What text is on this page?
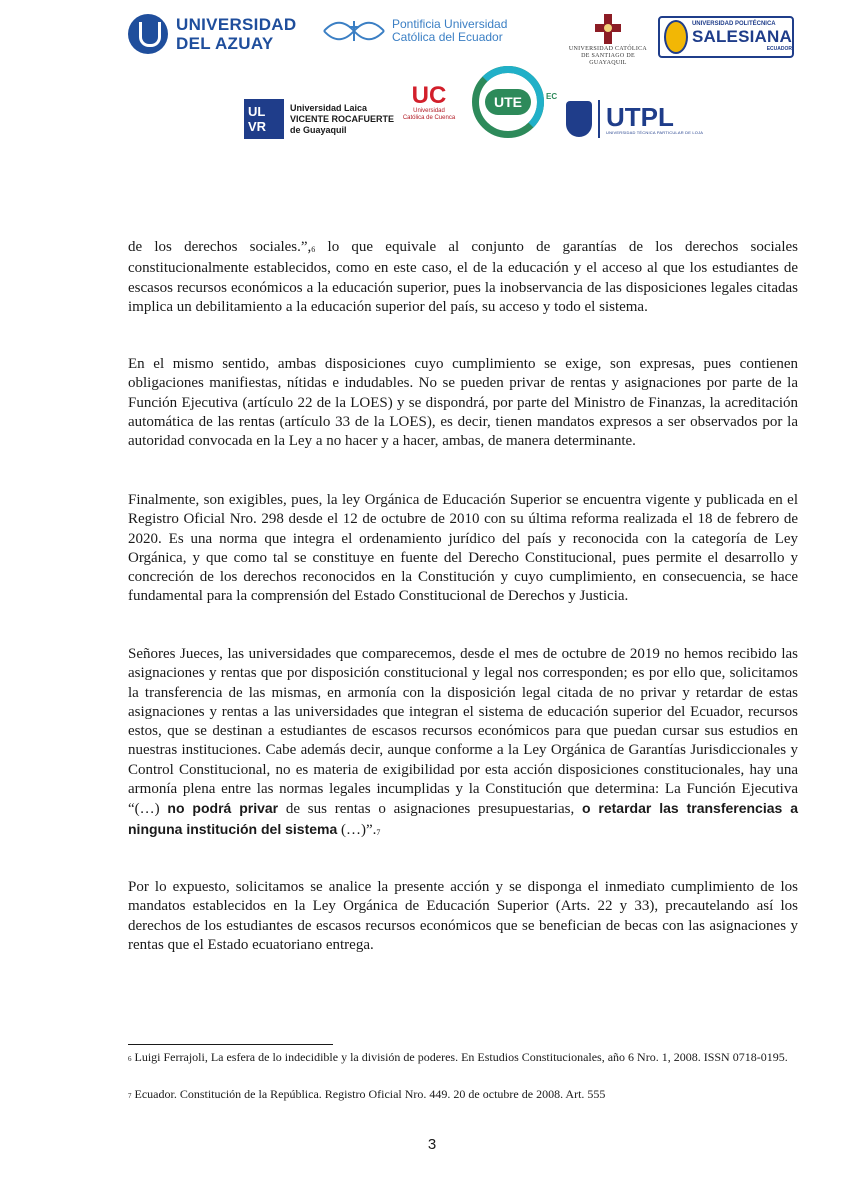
UNIVERSIDAD
DEL AZUAY
Pontificia Universidad
Católica del Ecuador
UNIVERSIDAD CATÓLICA
DE SANTIAGO DE GUAYAQUIL
UNIVERSIDAD POLITÉCNICA
SALESIANA
ECUADOR
UL
VR
Universidad Laica
VICENTE ROCAFUERTE
de Guayaquil
UC
Universidad
Católica de Cuenca
UTE	EC
UTPL
UNIVERSIDAD TÉCNICA PARTICULAR DE LOJA

de los derechos $sociales.”,_6$ lo que equivale al conjunto de garantías de los derechos sociales constitucionalmente establecidos, como en este caso, el de la educación y el acceso al que los estudiantes de escasos recursos económicos a la educación superior, pues la inobservancia de las disposiciones legales citadas implica un debilitamiento a la educación superior del país, su acceso y todo el sistema.

En el mismo sentido, ambas disposiciones cuyo cumplimiento se exige, son expresas, pues contienen obligaciones manifiestas, nítidas e indudables. No se pueden privar de rentas y asignaciones por parte de la Función Ejecutiva (artículo 22 de la LOES) y se dispondrá, por parte del Ministro de Finanzas, la acreditación automática de las rentas (artículo 33 de la LOES), es decir, tienen mandatos expresos a ser observados por la autoridad convocada en la Ley a no hacer y a hacer, ambas, de manera determinante.

Finalmente, son exigibles, pues, la ley Orgánica de Educación Superior se encuentra vigente y publicada en el Registro Oficial Nro. 298 desde el 12 de octubre de 2010 con su última reforma realizada el 18 de febrero de 2020. Es una norma que integra el ordenamiento jurídico del país y reconocida con la categoría de Ley Orgánica, y que como tal se constituye en fuente del Derecho Constitucional, pues permite el desarrollo y concreción de los derechos reconocidos en la Constitución y cuyo cumplimiento, en consecuencia, se hace fundamental para la comprensión del Estado Constitucional de Derechos y Justicia.

Señores Jueces, las universidades que comparecemos, desde el mes de octubre de 2019 no hemos recibido las asignaciones y rentas que por disposición constitucional y legal nos corresponden; es por ello que, solicitamos la transferencia de las mismas, en armonía con la disposición legal citada de no privar y retardar de estas asignaciones y rentas a las universidades que integran el sistema de educación superior del Ecuador, recursos estos, que se destinan a estudiantes de escasos recursos económicos para que puedan cursar sus estudios en nuestras instituciones. Cabe además decir, aunque conforme a la Ley Orgánica de Garantías Jurisdiccionales y Control Constitucional, no es materia de exigibilidad por esta acción disposiciones constitucionales, hay una armonía plena entre las normas legales incumplidas y la Constitución que determina: La Función Ejecutiva “(…) no podrá privar de sus rentas o asignaciones presupuestarias, o retardar las transferencias a ninguna institución del sistema $(\dots)”._7$

Por lo expuesto, solicitamos se analice la presente acción y se disponga el inmediato cumplimiento de los mandatos establecidos en la Ley Orgánica de Educación Superior (Arts. 22 y 33), precautelando así los derechos de los estudiantes de escasos recursos económicos que se benefician de becas con las asignaciones y rentas que el Estado ecuatoriano entrega.

6 Luigi Ferrajoli, La esfera de lo indecidible y la división de poderes. En Estudios Constitucionales, año 6 Nro. 1, 2008. ISSN 0718-0195.

7 Ecuador. Constitución de la República. Registro Oficial Nro. 449. 20 de octubre de 2008. Art. 555

3
